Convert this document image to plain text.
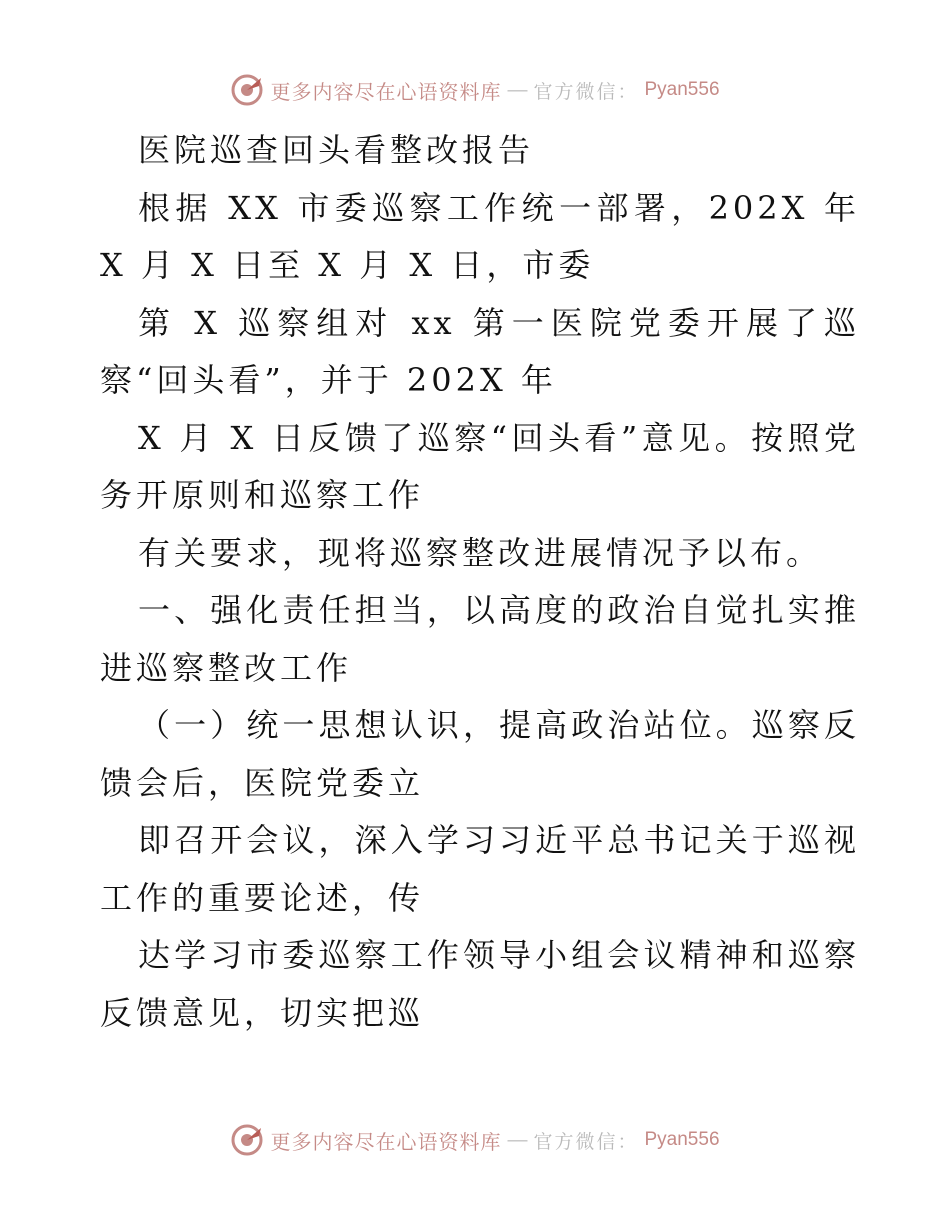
更多内容尽在心语资料库 — 官方微信： Pyan556

医院巡查回头看整改报告

根据 XX 市委巡察工作统一部署，202X 年 X 月 X 日至 X 月 X 日，市委

第 X 巡察组对 xx 第一医院党委开展了巡察“回头看”，并于 202X 年

X 月 X 日反馈了巡察“回头看”意见。按照党务开原则和巡察工作

有关要求，现将巡察整改进展情况予以布。

一、强化责任担当，以高度的政治自觉扎实推进巡察整改工作

（一）统一思想认识，提高政治站位。巡察反馈会后，医院党委立

即召开会议，深入学习习近平总书记关于巡视工作的重要论述，传

达学习市委巡察工作领导小组会议精神和巡察反馈意见，切实把巡

更多内容尽在心语资料库 — 官方微信： Pyan556
